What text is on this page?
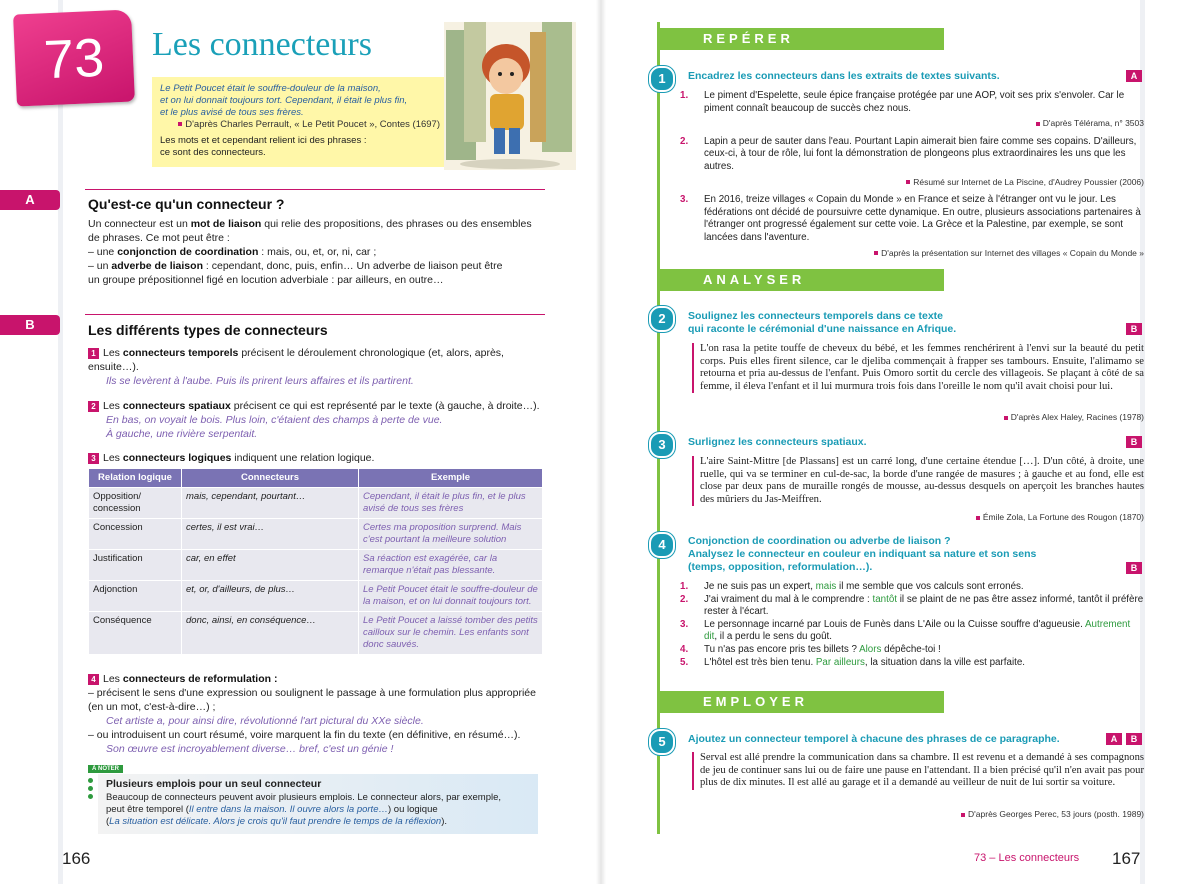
73	Les connecteurs
Le Petit Poucet était le souffre-douleur de la maison,
et on lui donnait toujours tort. Cependant, il était le plus fin,
et le plus avisé de tous ses frères.
D'après Charles Perrault, « Le Petit Poucet », Contes (1697)
Les mots et et cependant relient ici des phrases :
ce sont des connecteurs.
A	Qu'est-ce qu'un connecteur ?
Un connecteur est un mot de liaison qui relie des propositions, des phrases ou des ensembles
de phrases. Ce mot peut être :
– une conjonction de coordination : mais, ou, et, or, ni, car ;
– un adverbe de liaison : cependant, donc, puis, enfin… Un adverbe de liaison peut être
un groupe prépositionnel figé en locution adverbiale : par ailleurs, en outre…
B	Les différents types de connecteurs
1 Les connecteurs temporels précisent le déroulement chronologique (et, alors, après,
ensuite…).
Ils se levèrent à l'aube. Puis ils prirent leurs affaires et ils partirent.
2 Les connecteurs spatiaux précisent ce qui est représenté par le texte (à gauche, à droite…).
En bas, on voyait le bois. Plus loin, c'étaient des champs à perte de vue.
À gauche, une rivière serpentait.
3 Les connecteurs logiques indiquent une relation logique.
Relation logique	Connecteurs	Exemple
Opposition/ concession	mais, cependant, pourtant…	Cependant, il était le plus fin, et le plus avisé de tous ses frères
Concession	certes, il est vrai…	Certes ma proposition surprend. Mais c'est pourtant la meilleure solution
Justification	car, en effet	Sa réaction est exagérée, car la remarque n'était pas blessante.
Adjonction	et, or, d'ailleurs, de plus…	Le Petit Poucet était le souffre-douleur de la maison, et on lui donnait toujours tort.
Conséquence	donc, ainsi, en conséquence…	Le Petit Poucet a laissé tomber des petits cailloux sur le chemin. Les enfants sont donc sauvés.
4 Les connecteurs de reformulation :
– précisent le sens d'une expression ou soulignent le passage à une formulation plus appropriée
(en un mot, c'est-à-dire…) ;
Cet artiste a, pour ainsi dire, révolutionné l'art pictural du XXe siècle.
– ou introduisent un court résumé, voire marquent la fin du texte (en définitive, en résumé…).
Son œuvre est incroyablement diverse… bref, c'est un génie !
À NOTER
Plusieurs emplois pour un seul connecteur
Beaucoup de connecteurs peuvent avoir plusieurs emplois. Le connecteur alors, par exemple,
peut être temporel (Il entre dans la maison. Il ouvre alors la porte…) ou logique
(La situation est délicate. Alors je crois qu'il faut prendre le temps de la réflexion).
166
REPÉRER
1	Encadrez les connecteurs dans les extraits de textes suivants.	A
1. Le piment d'Espelette, seule épice française protégée par une AOP, voit ses prix s'envoler. Car le piment connaît beaucoup de succès chez nous.
D'après Télérama, n° 3503
2. Lapin a peur de sauter dans l'eau. Pourtant Lapin aimerait bien faire comme ses copains. D'ailleurs, ceux-ci, à tour de rôle, lui font la démonstration de plongeons plus extraordinaires les uns que les autres.
Résumé sur Internet de La Piscine, d'Audrey Poussier (2006)
3. En 2016, treize villages « Copain du Monde » en France et seize à l'étranger ont vu le jour. Les fédérations ont décidé de poursuivre cette dynamique. En outre, plusieurs associations partenaires à l'étranger ont progressé également sur cette voie. La Grèce et la Palestine, par exemple, se sont lancées dans l'aventure.
D'après la présentation sur Internet des villages « Copain du Monde »
ANALYSER
2	Soulignez les connecteurs temporels dans ce texte
qui raconte le cérémonial d'une naissance en Afrique.	B
L'on rasa la petite touffe de cheveux du bébé, et les femmes renchérirent à l'envi sur la beauté du petit corps. Puis elles firent silence, car le djeliba commençait à frapper ses tambours. Ensuite, l'alimamo se retourna et pria au-dessus de l'enfant. Puis Omoro sortit du cercle des villageois. Se plaçant à côté de sa femme, il éleva l'enfant et il lui murmura trois fois dans l'oreille le nom qu'il avait choisi pour lui.
D'après Alex Haley, Racines (1978)
3	Surlignez les connecteurs spatiaux.	B
L'aire Saint-Mittre [de Plassans] est un carré long, d'une certaine étendue […]. D'un côté, à droite, une ruelle, qui va se terminer en cul-de-sac, la borde d'une rangée de masures ; à gauche et au fond, elle est close par deux pans de muraille rongés de mousse, au-dessus desquels on aperçoit les branches hautes des mûriers du Jas-Meiffren.
Émile Zola, La Fortune des Rougon (1870)
4	Conjonction de coordination ou adverbe de liaison ?
Analysez le connecteur en couleur en indiquant sa nature et son sens
(temps, opposition, reformulation…).	B
1. Je ne suis pas un expert, mais il me semble que vos calculs sont erronés.
2. J'ai vraiment du mal à le comprendre : tantôt il se plaint de ne pas être assez informé, tantôt il préfère rester à l'écart.
3. Le personnage incarné par Louis de Funès dans L'Aile ou la Cuisse souffre d'agueusie. Autrement dit, il a perdu le sens du goût.
4. Tu n'as pas encore pris tes billets ? Alors dépêche-toi !
5. L'hôtel est très bien tenu. Par ailleurs, la situation dans la ville est parfaite.
EMPLOYER
5	Ajoutez un connecteur temporel à chacune des phrases de ce paragraphe.	A	B
Serval est allé prendre la communication dans sa chambre. Il est revenu et a demandé à ses compagnons de jeu de continuer sans lui ou de faire une pause en l'attendant. Il a bien précisé qu'il n'en avait pas pour plus de dix minutes. Il est allé au garage et il a demandé au veilleur de nuit de lui sortir sa voiture.
D'après Georges Perec, 53 jours (posth. 1989)
73 – Les connecteurs 167
